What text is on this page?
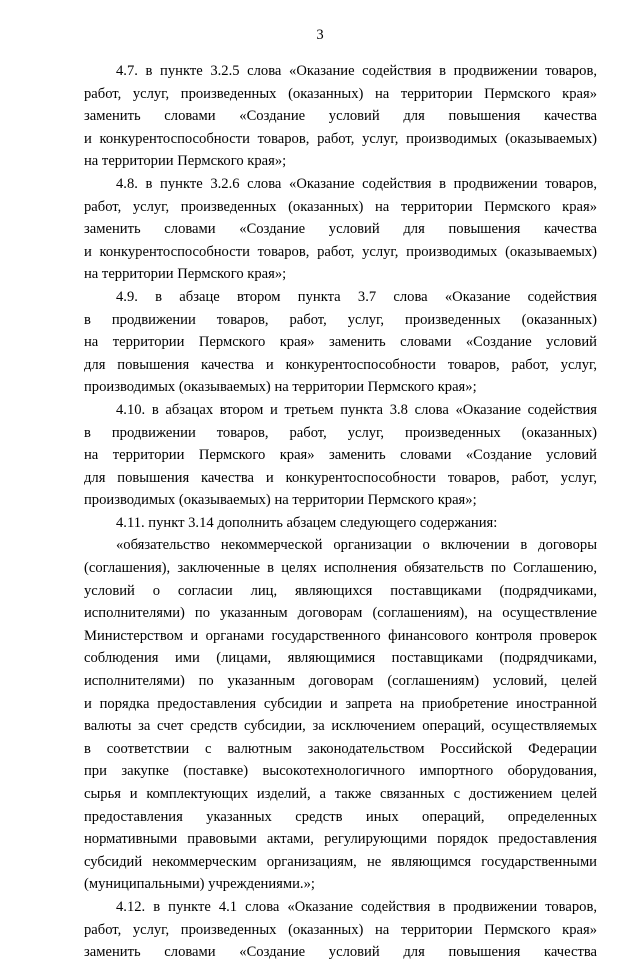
3
4.7. в пункте 3.2.5 слова «Оказание содействия в продвижении товаров,
работ, услуг, произведенных (оказанных) на территории Пермского края»
заменить словами «Создание условий для повышения качества
и конкурентоспособности товаров, работ, услуг, производимых (оказываемых)
на территории Пермского края»;
4.8. в пункте 3.2.6 слова «Оказание содействия в продвижении товаров,
работ, услуг, произведенных (оказанных) на территории Пермского края»
заменить словами «Создание условий для повышения качества
и конкурентоспособности товаров, работ, услуг, производимых (оказываемых)
на территории Пермского края»;
4.9. в абзаце втором пункта 3.7 слова «Оказание содействия
в продвижении товаров, работ, услуг, произведенных (оказанных)
на территории Пермского края» заменить словами «Создание условий
для повышения качества и конкурентоспособности товаров, работ, услуг,
производимых (оказываемых) на территории Пермского края»;
4.10. в абзацах втором и третьем пункта 3.8 слова «Оказание содействия
в продвижении товаров, работ, услуг, произведенных (оказанных)
на территории Пермского края» заменить словами «Создание условий
для повышения качества и конкурентоспособности товаров, работ, услуг,
производимых (оказываемых) на территории Пермского края»;
4.11. пункт 3.14 дополнить абзацем следующего содержания:
«обязательство некоммерческой организации о включении в договоры
(соглашения), заключенные в целях исполнения обязательств по Соглашению,
условий о согласии лиц, являющихся поставщиками (подрядчиками,
исполнителями) по указанным договорам (соглашениям), на осуществление
Министерством и органами государственного финансового контроля проверок
соблюдения ими (лицами, являющимися поставщиками (подрядчиками,
исполнителями) по указанным договорам (соглашениям) условий, целей
и порядка предоставления субсидии и запрета на приобретение иностранной
валюты за счет средств субсидии, за исключением операций, осуществляемых
в соответствии с валютным законодательством Российской Федерации
при закупке (поставке) высокотехнологичного импортного оборудования,
сырья и комплектующих изделий, а также связанных с достижением целей
предоставления указанных средств иных операций, определенных
нормативными правовыми актами, регулирующими порядок предоставления
субсидий некоммерческим организациям, не являющимся государственными
(муниципальными) учреждениями.»;
4.12. в пункте 4.1 слова «Оказание содействия в продвижении товаров,
работ, услуг, произведенных (оказанных) на территории Пермского края»
заменить словами «Создание условий для повышения качества
